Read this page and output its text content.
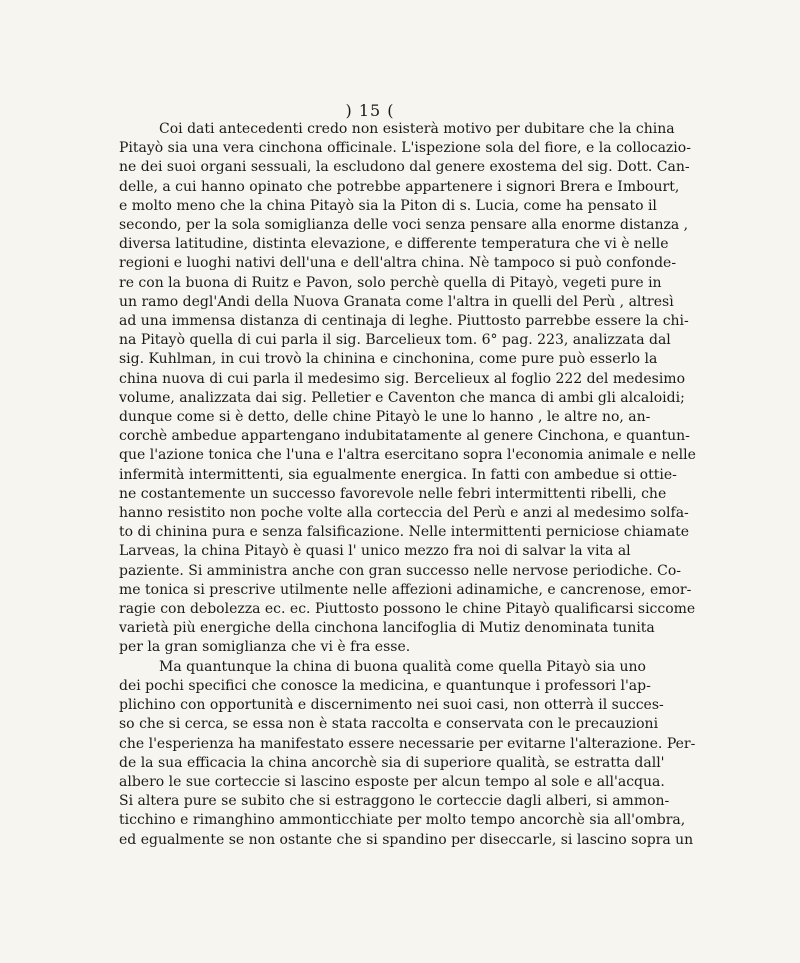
) 15 (
Coi dati antecedenti credo non esisterà motivo per dubitare che la china
Pitayò sia una vera cinchona officinale. L'ispezione sola del fiore, e la collocazio-
ne dei suoi organi sessuali, la escludono dal genere exostema del sig. Dott. Can-
delle, a cui hanno opinato che potrebbe appartenere i signori Brera e Imbourt,
e molto meno che la china Pitayò sia la Piton di s. Lucia, come ha pensato il
secondo, per la sola somiglianza delle voci senza pensare alla enorme distanza ,
diversa latitudine, distinta elevazione, e differente temperatura che vi è nelle
regioni e luoghi nativi dell'una e dell'altra china. Nè tampoco si può confonde-
re con la buona di Ruitz e Pavon, solo perchè quella di Pitayò, vegeti pure in
un ramo degl'Andi della Nuova Granata come l'altra in quelli del Perù , altresì
ad una immensa distanza di centinaja di leghe. Piuttosto parrebbe essere la chi-
na Pitayò quella di cui parla il sig. Barcelieux tom. 6° pag. 223, analizzata dal
sig. Kuhlman, in cui trovò la chinina e cinchonina, come pure può esserlo la
china nuova di cui parla il medesimo sig. Bercelieux al foglio 222 del medesimo
volume, analizzata dai sig. Pelletier e Caventon che manca di ambi gli alcaloidi;
dunque come si è detto, delle chine Pitayò le une lo hanno , le altre no, an-
corchè ambedue appartengano indubitatamente al genere Cinchona, e quantun-
que l'azione tonica che l'una e l'altra esercitano sopra l'economia animale e nelle
infermità intermittenti, sia egualmente energica. In fatti con ambedue si ottie-
ne costantemente un successo favorevole nelle febri intermittenti ribelli, che
hanno resistito non poche volte alla corteccia del Perù e anzi al medesimo solfa-
to di chinina pura e senza falsificazione. Nelle intermittenti perniciose chiamate
Larveas, la china Pitayò è quasi l' unico mezzo fra noi di salvar la vita al
paziente. Si amministra anche con gran successo nelle nervose periodiche. Co-
me tonica si prescrive utilmente nelle affezioni adinamiche, e cancrenose, emor-
ragie con debolezza ec. ec. Piuttosto possono le chine Pitayò qualificarsi siccome
varietà più energiche della cinchona lancifoglia di Mutiz denominata tunita
per la gran somiglianza che vi è fra esse.
Ma quantunque la china di buona qualità come quella Pitayò sia uno
dei pochi specifici che conosce la medicina, e quantunque i professori l'ap-
plichino con opportunità e discernimento nei suoi casi, non otterrà il succes-
so che si cerca, se essa non è stata raccolta e conservata con le precauzioni
che l'esperienza ha manifestato essere necessarie per evitarne l'alterazione. Per-
de la sua efficacia la china ancorchè sia di superiore qualità, se estratta dall'
albero le sue corteccie si lascino esposte per alcun tempo al sole e all'acqua.
Si altera pure se subito che si estraggono le corteccie dagli alberi, si ammon-
ticchino e rimanghino ammonticchiate per molto tempo ancorchè sia all'ombra,
ed egualmente se non ostante che si spandino per diseccarle, si lascino sopra un
